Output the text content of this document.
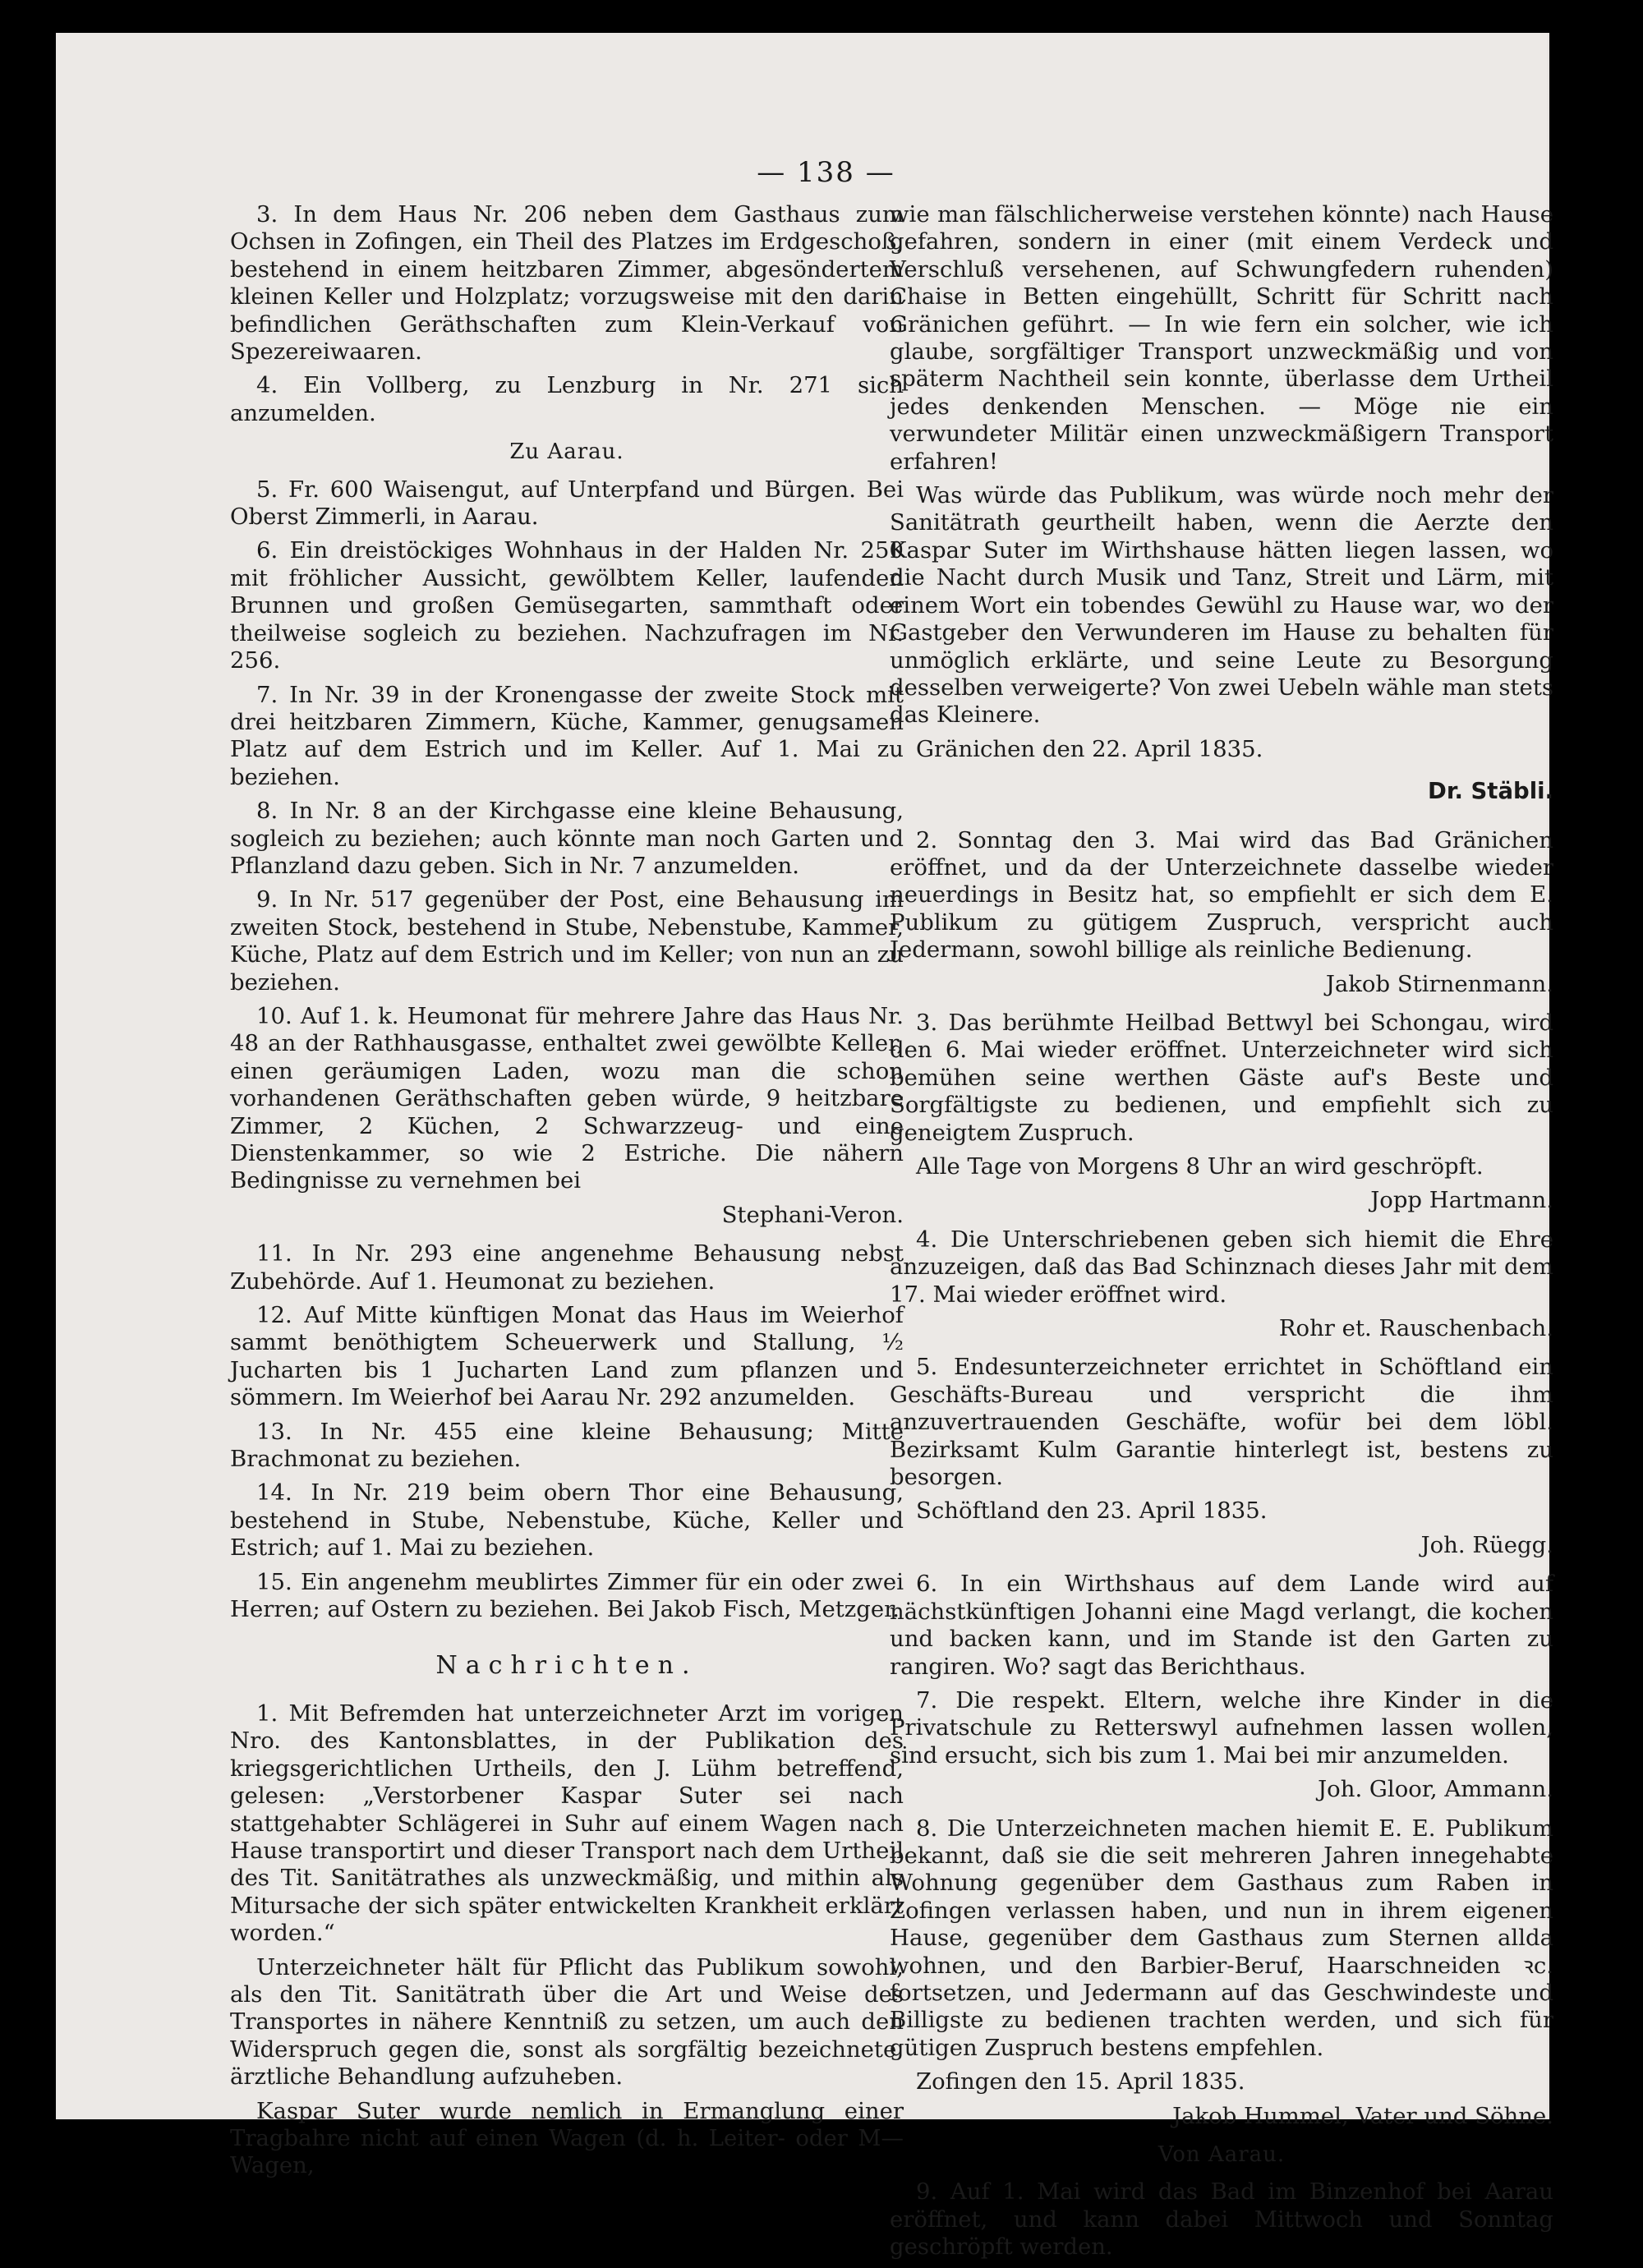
— 138 —

3. In dem Haus Nr. 206 neben dem Gasthaus zum Ochsen in Zofingen, ein Theil des Platzes im Erdgeschoß, bestehend in einem heitzbaren Zimmer, abgesöndertem kleinen Keller und Holzplatz; vorzugsweise mit den darin befindlichen Geräthschaften zum Klein-Verkauf von Spezereiwaaren.

4. Ein Vollberg, zu Lenzburg in Nr. 271 sich anzumelden.

Zu Aarau.

5. Fr. 600 Waisengut, auf Unterpfand und Bürgen. Bei Oberst Zimmerli, in Aarau.

6. Ein dreistöckiges Wohnhaus in der Halden Nr. 250 mit fröhlicher Aussicht, gewölbtem Keller, laufenden Brunnen und großen Gemüsegarten, sammthaft oder theilweise sogleich zu beziehen. Nachzufragen im Nr. 256.

7. In Nr. 39 in der Kronengasse der zweite Stock mit drei heitzbaren Zimmern, Küche, Kammer, genugsamen Platz auf dem Estrich und im Keller. Auf 1. Mai zu beziehen.

8. In Nr. 8 an der Kirchgasse eine kleine Behausung, sogleich zu beziehen; auch könnte man noch Garten und Pflanzland dazu geben. Sich in Nr. 7 anzumelden.

9. In Nr. 517 gegenüber der Post, eine Behausung im zweiten Stock, bestehend in Stube, Nebenstube, Kammer, Küche, Platz auf dem Estrich und im Keller; von nun an zu beziehen.

10. Auf 1. k. Heumonat für mehrere Jahre das Haus Nr. 48 an der Rathhausgasse, enthaltet zwei gewölbte Keller, einen geräumigen Laden, wozu man die schon vorhandenen Geräthschaften geben würde, 9 heitzbare Zimmer, 2 Küchen, 2 Schwarzzeug- und eine Dienstenkammer, so wie 2 Estriche. Die nähern Bedingnisse zu vernehmen bei

Stephani-Veron.

11. In Nr. 293 eine angenehme Behausung nebst Zubehörde. Auf 1. Heumonat zu beziehen.

12. Auf Mitte künftigen Monat das Haus im Weierhof sammt benöthigtem Scheuerwerk und Stallung, ½ Jucharten bis 1 Jucharten Land zum pflanzen und sömmern. Im Weierhof bei Aarau Nr. 292 anzumelden.

13. In Nr. 455 eine kleine Behausung; Mitte Brachmonat zu beziehen.

14. In Nr. 219 beim obern Thor eine Behausung, bestehend in Stube, Nebenstube, Küche, Keller und Estrich; auf 1. Mai zu beziehen.

15. Ein angenehm meublirtes Zimmer für ein oder zwei Herren; auf Ostern zu beziehen. Bei Jakob Fisch, Metzger.

Nachrichten.

1. Mit Befremden hat unterzeichneter Arzt im vorigen Nro. des Kantonsblattes, in der Publikation des kriegsgerichtlichen Urtheils, den J. Lühm betreffend, gelesen: „Verstorbener Kaspar Suter sei nach stattgehabter Schlägerei in Suhr auf einem Wagen nach Hause transportirt und dieser Transport nach dem Urtheil des Tit. Sanitätrathes als unzweckmäßig, und mithin als Mitursache der sich später entwickelten Krankheit erklärt worden.“

Unterzeichneter hält für Pflicht das Publikum sowohl, als den Tit. Sanitätrath über die Art und Weise des Transportes in nähere Kenntniß zu setzen, um auch den Widerspruch gegen die, sonst als sorgfältig bezeichnete, ärztliche Behandlung aufzuheben.

Kaspar Suter wurde nemlich in Ermanglung einer Tragbahre nicht auf einen Wagen (d. h. Leiter- oder M—Wagen,

wie man fälschlicherweise verstehen könnte) nach Hause gefahren, sondern in einer (mit einem Verdeck und Verschluß versehenen, auf Schwungfedern ruhenden) Chaise in Betten eingehüllt, Schritt für Schritt nach Gränichen geführt. — In wie fern ein solcher, wie ich glaube, sorgfältiger Transport unzweckmäßig und von späterm Nachtheil sein konnte, überlasse dem Urtheil jedes denkenden Menschen. — Möge nie ein verwundeter Militär einen unzweckmäßigern Transport erfahren!

Was würde das Publikum, was würde noch mehr der Sanitätrath geurtheilt haben, wenn die Aerzte den Kaspar Suter im Wirthshause hätten liegen lassen, wo die Nacht durch Musik und Tanz, Streit und Lärm, mit einem Wort ein tobendes Gewühl zu Hause war, wo der Gastgeber den Verwunderen im Hause zu behalten für unmöglich erklärte, und seine Leute zu Besorgung desselben verweigerte? Von zwei Uebeln wähle man stets das Kleinere.

Gränichen den 22. April 1835.

Dr. Stäbli.

2. Sonntag den 3. Mai wird das Bad Gränichen eröffnet, und da der Unterzeichnete dasselbe wieder neuerdings in Besitz hat, so empfiehlt er sich dem E. Publikum zu gütigem Zuspruch, verspricht auch Jedermann, sowohl billige als reinliche Bedienung.

Jakob Stirnenmann.

3. Das berühmte Heilbad Bettwyl bei Schongau, wird den 6. Mai wieder eröffnet. Unterzeichneter wird sich bemühen seine werthen Gäste auf's Beste und Sorgfältigste zu bedienen, und empfiehlt sich zu geneigtem Zuspruch.

Alle Tage von Morgens 8 Uhr an wird geschröpft.

Jopp Hartmann.

4. Die Unterschriebenen geben sich hiemit die Ehre anzuzeigen, daß das Bad Schinznach dieses Jahr mit dem 17. Mai wieder eröffnet wird.

Rohr et. Rauschenbach.

5. Endesunterzeichneter errichtet in Schöftland ein Geschäfts-Bureau und verspricht die ihm anzuvertrauenden Geschäfte, wofür bei dem löbl. Bezirksamt Kulm Garantie hinterlegt ist, bestens zu besorgen.

Schöftland den 23. April 1835.

Joh. Rüegg.

6. In ein Wirthshaus auf dem Lande wird auf nächstkünftigen Johanni eine Magd verlangt, die kochen und backen kann, und im Stande ist den Garten zu rangiren. Wo? sagt das Berichthaus.

7. Die respekt. Eltern, welche ihre Kinder in die Privatschule zu Retterswyl aufnehmen lassen wollen, sind ersucht, sich bis zum 1. Mai bei mir anzumelden.

Joh. Gloor, Ammann.

8. Die Unterzeichneten machen hiemit E. E. Publikum bekannt, daß sie die seit mehreren Jahren innegehabte Wohnung gegenüber dem Gasthaus zum Raben in Zofingen verlassen haben, und nun in ihrem eigenen Hause, gegenüber dem Gasthaus zum Sternen allda wohnen, und den Barbier-Beruf, Haarschneiden ꝛc. fortsetzen, und Jedermann auf das Geschwindeste und Billigste zu bedienen trachten werden, und sich für gütigen Zuspruch bestens empfehlen.

Zofingen den 15. April 1835.

Jakob Hummel, Vater und Söhne.

Von Aarau.

9. Auf 1. Mai wird das Bad im Binzenhof bei Aarau eröffnet, und kann dabei Mittwoch und Sonntag geschröpft werden.
